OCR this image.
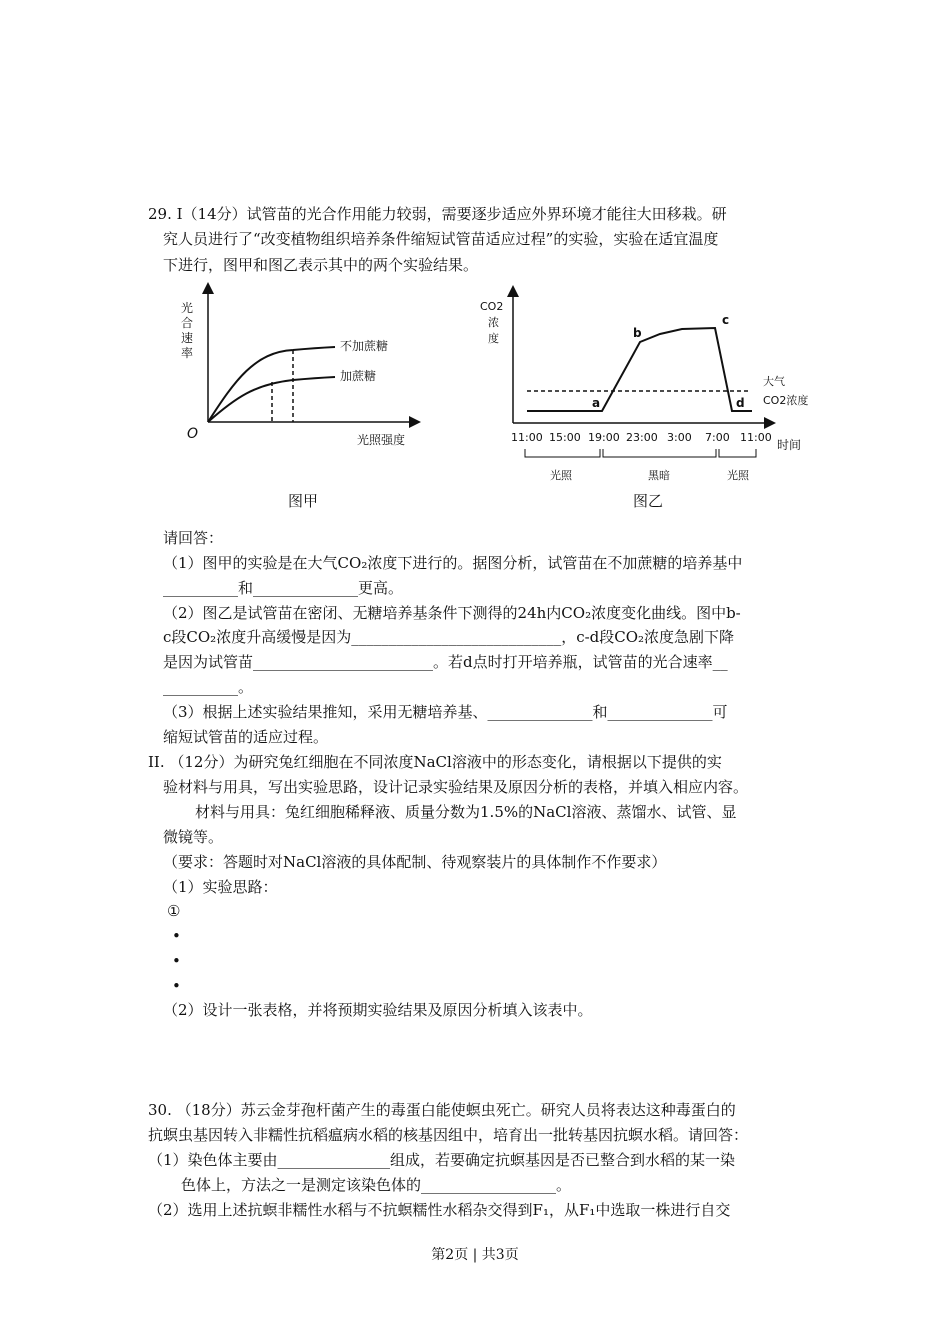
29. I（14分）试管苗的光合作用能力较弱，需要逐步适应外界环境才能往大田移栽。研
究人员进行了“改变植物组织培养条件缩短试管苗适应过程”的实验，实验在适宜温度
下进行，图甲和图乙表示其中的两个实验结果。
光
合
速
率
O	光照强度
不加蔗糖
加蔗糖
图甲
CO2
浓
度
a
b
c
d
大气
CO2浓度
11:00 15:00 19:00 23:00 3:00 7:00 11:00
时间
光照	黑暗	光照
图乙
请回答：
（1）图甲的实验是在大气CO₂浓度下进行的。据图分析，试管苗在不加蔗糖的培养基中
__________和______________更高。
（2）图乙是试管苗在密闭、无糖培养基条件下测得的24h内CO₂浓度变化曲线。图中b-
c段CO₂浓度升高缓慢是因为____________________________，c-d段CO₂浓度急剧下降
是因为试管苗________________________。若d点时打开培养瓶，试管苗的光合速率__
__________。
（3）根据上述实验结果推知，采用无糖培养基、______________和______________可
缩短试管苗的适应过程。
II. （12分）为研究兔红细胞在不同浓度NaCl溶液中的形态变化，请根据以下提供的实
验材料与用具，写出实验思路，设计记录实验结果及原因分析的表格，并填入相应内容。
材料与用具：兔红细胞稀释液、质量分数为1.5%的NaCl溶液、蒸馏水、试管、显
微镜等。
（要求：答题时对NaCl溶液的具体配制、待观察装片的具体制作不作要求）
（1）实验思路：
①
•
•
•
（2）设计一张表格，并将预期实验结果及原因分析填入该表中。
30. （18分）苏云金芽孢杆菌产生的毒蛋白能使螟虫死亡。研究人员将表达这种毒蛋白的
抗螟虫基因转入非糯性抗稻瘟病水稻的核基因组中，培育出一批转基因抗螟水稻。请回答：
（1）染色体主要由_______________组成，若要确定抗螟基因是否已整合到水稻的某一染
色体上，方法之一是测定该染色体的__________________。
（2）选用上述抗螟非糯性水稻与不抗螟糯性水稻杂交得到F₁，从F₁中选取一株进行自交
第2页 | 共3页
